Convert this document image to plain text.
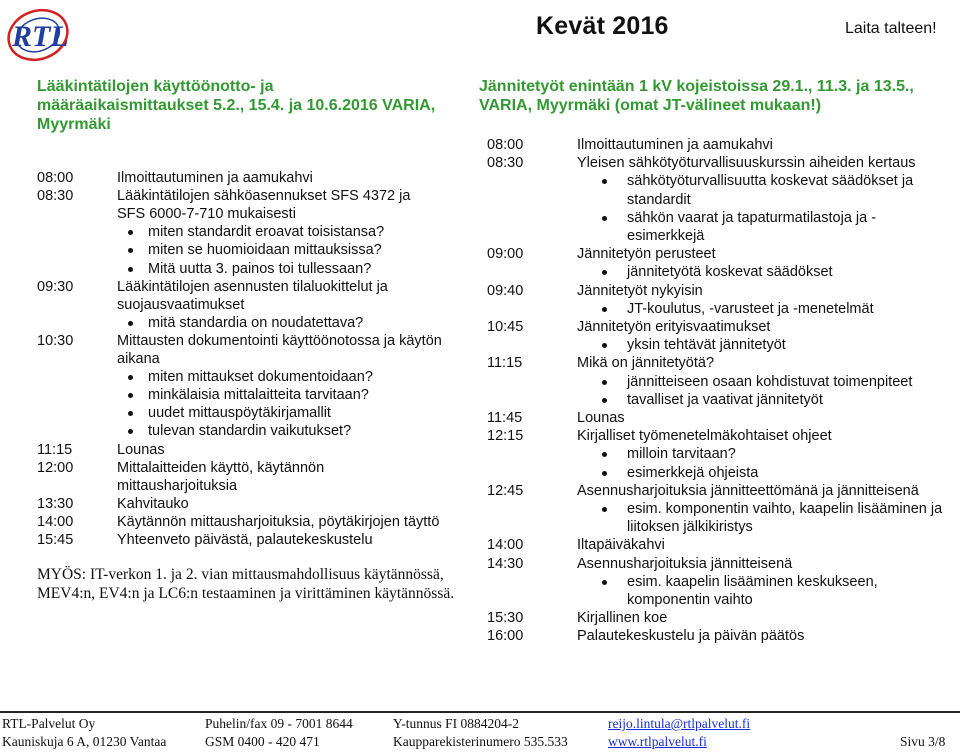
RTL	Kevät 2016	Laita talteen!
Lääkintätilojen käyttöönotto- ja
määräaikaismittaukset 5.2., 15.4. ja 10.6.2016 VARIA,
Myyrmäki
08:00	Ilmoittautuminen ja aamukahvi
08:30	Lääkintätilojen sähköasennukset SFS 4372 ja
SFS 6000-7-710 mukaisesti
miten standardit eroavat toisistansa?
miten se huomioidaan mittauksissa?
Mitä uutta 3. painos toi tullessaan?
09:30	Lääkintätilojen asennusten tilaluokittelut ja
suojausvaatimukset
mitä standardia on noudatettava?
10:30	Mittausten dokumentointi käyttöönotossa ja käytön
aikana
miten mittaukset dokumentoidaan?
minkälaisia mittalaitteita tarvitaan?
uudet mittauspöytäkirjamallit
tulevan standardin vaikutukset?
11:15	Lounas
12:00	Mittalaitteiden käyttö, käytännön
mittausharjoituksia
13:30	Kahvitauko
14:00	Käytännön mittausharjoituksia, pöytäkirjojen täyttö
15:45	Yhteenveto päivästä, palautekeskustelu
MYÖS: IT-verkon 1. ja 2. vian mittausmahdollisuus käytännössä,
MEV4:n, EV4:n ja LC6:n testaaminen ja virittäminen käytännössä.
Jännitetyöt enintään 1 kV kojeistoissa 29.1., 11.3. ja 13.5.,
VARIA, Myyrmäki (omat JT-välineet mukaan!)
08:00	Ilmoittautuminen ja aamukahvi
08:30	Yleisen sähkötyöturvallisuuskurssin aiheiden kertaus
sähkötyöturvallisuutta koskevat säädökset ja
standardit
sähkön vaarat ja tapaturmatilastoja ja -
esimerkkejä
09:00	Jännitetyön perusteet
jännitetyötä koskevat säädökset
09:40	Jännitetyöt nykyisin
JT-koulutus, -varusteet ja -menetelmät
10:45	Jännitetyön erityisvaatimukset
yksin tehtävät jännitetyöt
11:15	Mikä on jännitetyötä?
jännitteiseen osaan kohdistuvat toimenpiteet
tavalliset ja vaativat jännitetyöt
11:45	Lounas
12:15	Kirjalliset työmenetelmäkohtaiset ohjeet
milloin tarvitaan?
esimerkkejä ohjeista
12:45	Asennusharjoituksia jännitteettömänä ja jännitteisenä
esim. komponentin vaihto, kaapelin lisääminen ja
liitoksen jälkikiristys
14:00	Iltapäiväkahvi
14:30	Asennusharjoituksia jännitteisenä
esim. kaapelin lisääminen keskukseen,
komponentin vaihto
15:30	Kirjallinen koe
16:00	Palautekeskustelu ja päivän päätös
RTL-Palvelut Oy	Puhelin/fax 09 - 7001 8644	Y-tunnus FI 0884204-2	reijo.lintula@rtlpalvelut.fi
Kauniskuja 6 A, 01230 Vantaa	GSM 0400 - 420 471	Kaupparekisterinumero 535.533	www.rtlpalvelut.fi	Sivu 3/8
